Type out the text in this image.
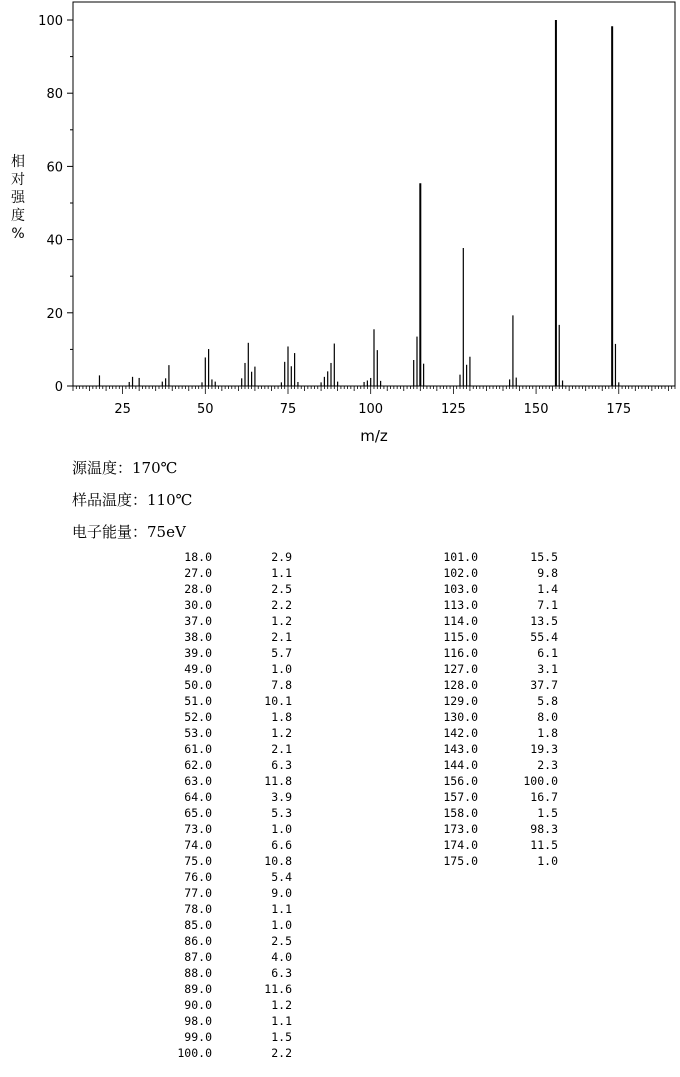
25	50	75	100	125	150	175
0
20
40
60
80
100
m/z
相对强度%
源温度：170℃
样品温度：110℃
电子能量：75eV
18.0	2.9
27.0	1.1
28.0	2.5
30.0	2.2
37.0	1.2
38.0	2.1
39.0	5.7
49.0	1.0
50.0	7.8
51.0	10.1
52.0	1.8
53.0	1.2
61.0	2.1
62.0	6.3
63.0	11.8
64.0	3.9
65.0	5.3
73.0	1.0
74.0	6.6
75.0	10.8
76.0	5.4
77.0	9.0
78.0	1.1
85.0	1.0
86.0	2.5
87.0	4.0
88.0	6.3
89.0	11.6
90.0	1.2
98.0	1.1
99.0	1.5
100.0	2.2
101.0	15.5
102.0	9.8
103.0	1.4
113.0	7.1
114.0	13.5
115.0	55.4
116.0	6.1
127.0	3.1
128.0	37.7
129.0	5.8
130.0	8.0
142.0	1.8
143.0	19.3
144.0	2.3
156.0	100.0
157.0	16.7
158.0	1.5
173.0	98.3
174.0	11.5
175.0	1.0
